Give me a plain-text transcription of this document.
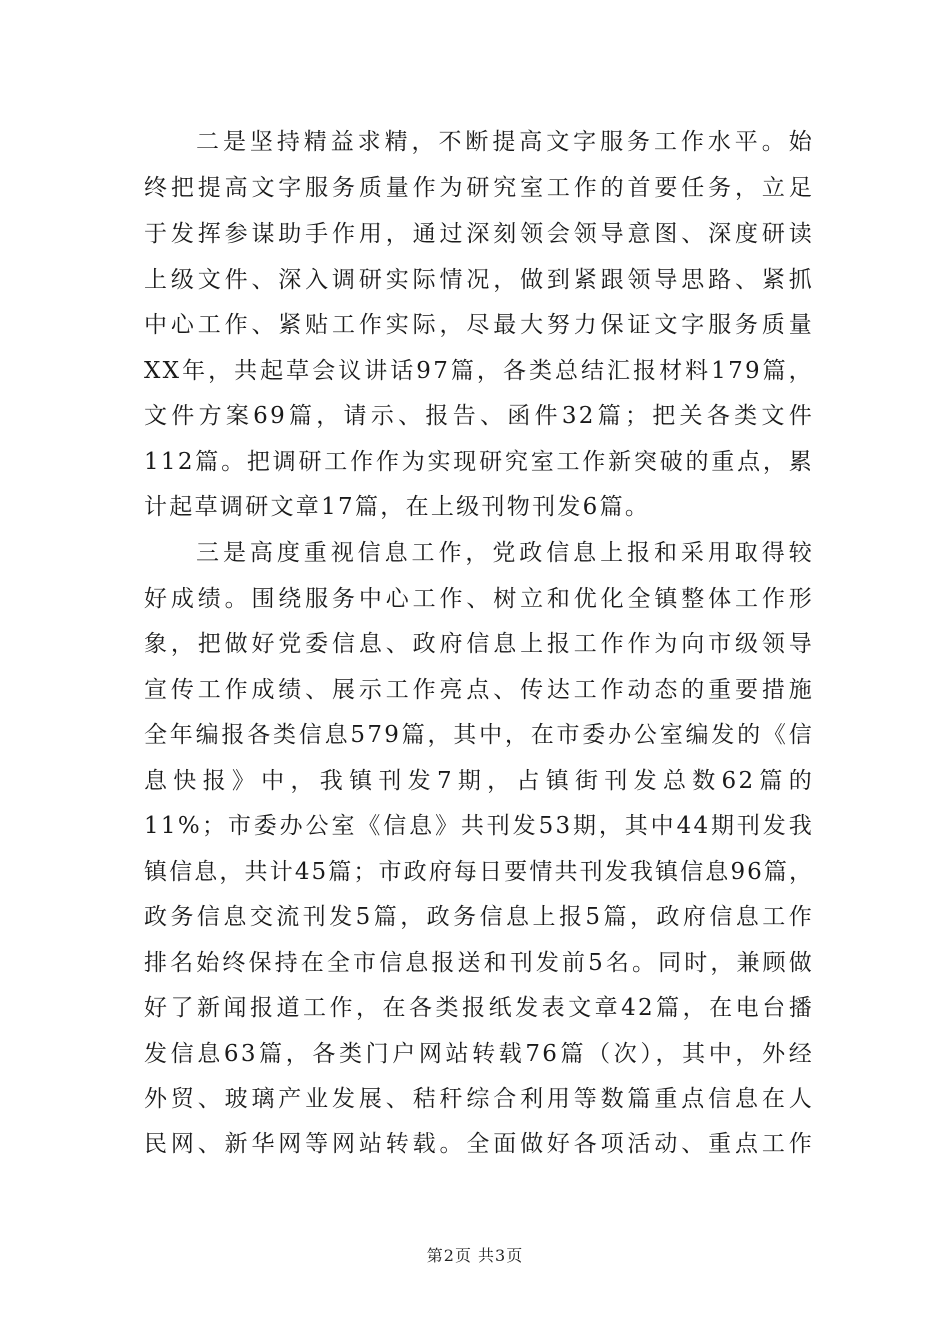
二是坚持精益求精，不断提高文字服务工作水平。始
终把提高文字服务质量作为研究室工作的首要任务，立足
于发挥参谋助手作用，通过深刻领会领导意图、深度研读
上级文件、深入调研实际情况，做到紧跟领导思路、紧抓
中心工作、紧贴工作实际，尽最大努力保证文字服务质量
XX年，共起草会议讲话97篇，各类总结汇报材料179篇，
文件方案69篇，请示、报告、函件32篇；把关各类文件
112篇。把调研工作作为实现研究室工作新突破的重点，累
计起草调研文章17篇，在上级刊物刊发6篇。
三是高度重视信息工作，党政信息上报和采用取得较
好成绩。围绕服务中心工作、树立和优化全镇整体工作形
象，把做好党委信息、政府信息上报工作作为向市级领导
宣传工作成绩、展示工作亮点、传达工作动态的重要措施
全年编报各类信息579篇，其中，在市委办公室编发的《信
息快报》中，我镇刊发7期，占镇街刊发总数62篇的
11%；市委办公室《信息》共刊发53期，其中44期刊发我
镇信息，共计45篇；市政府每日要情共刊发我镇信息96篇，
政务信息交流刊发5篇，政务信息上报5篇，政府信息工作
排名始终保持在全市信息报送和刊发前5名。同时，兼顾做
好了新闻报道工作，在各类报纸发表文章42篇，在电台播
发信息63篇，各类门户网站转载76篇（次），其中，外经
外贸、玻璃产业发展、秸秆综合利用等数篇重点信息在人
民网、新华网等网站转载。全面做好各项活动、重点工作
第2页 共3页
